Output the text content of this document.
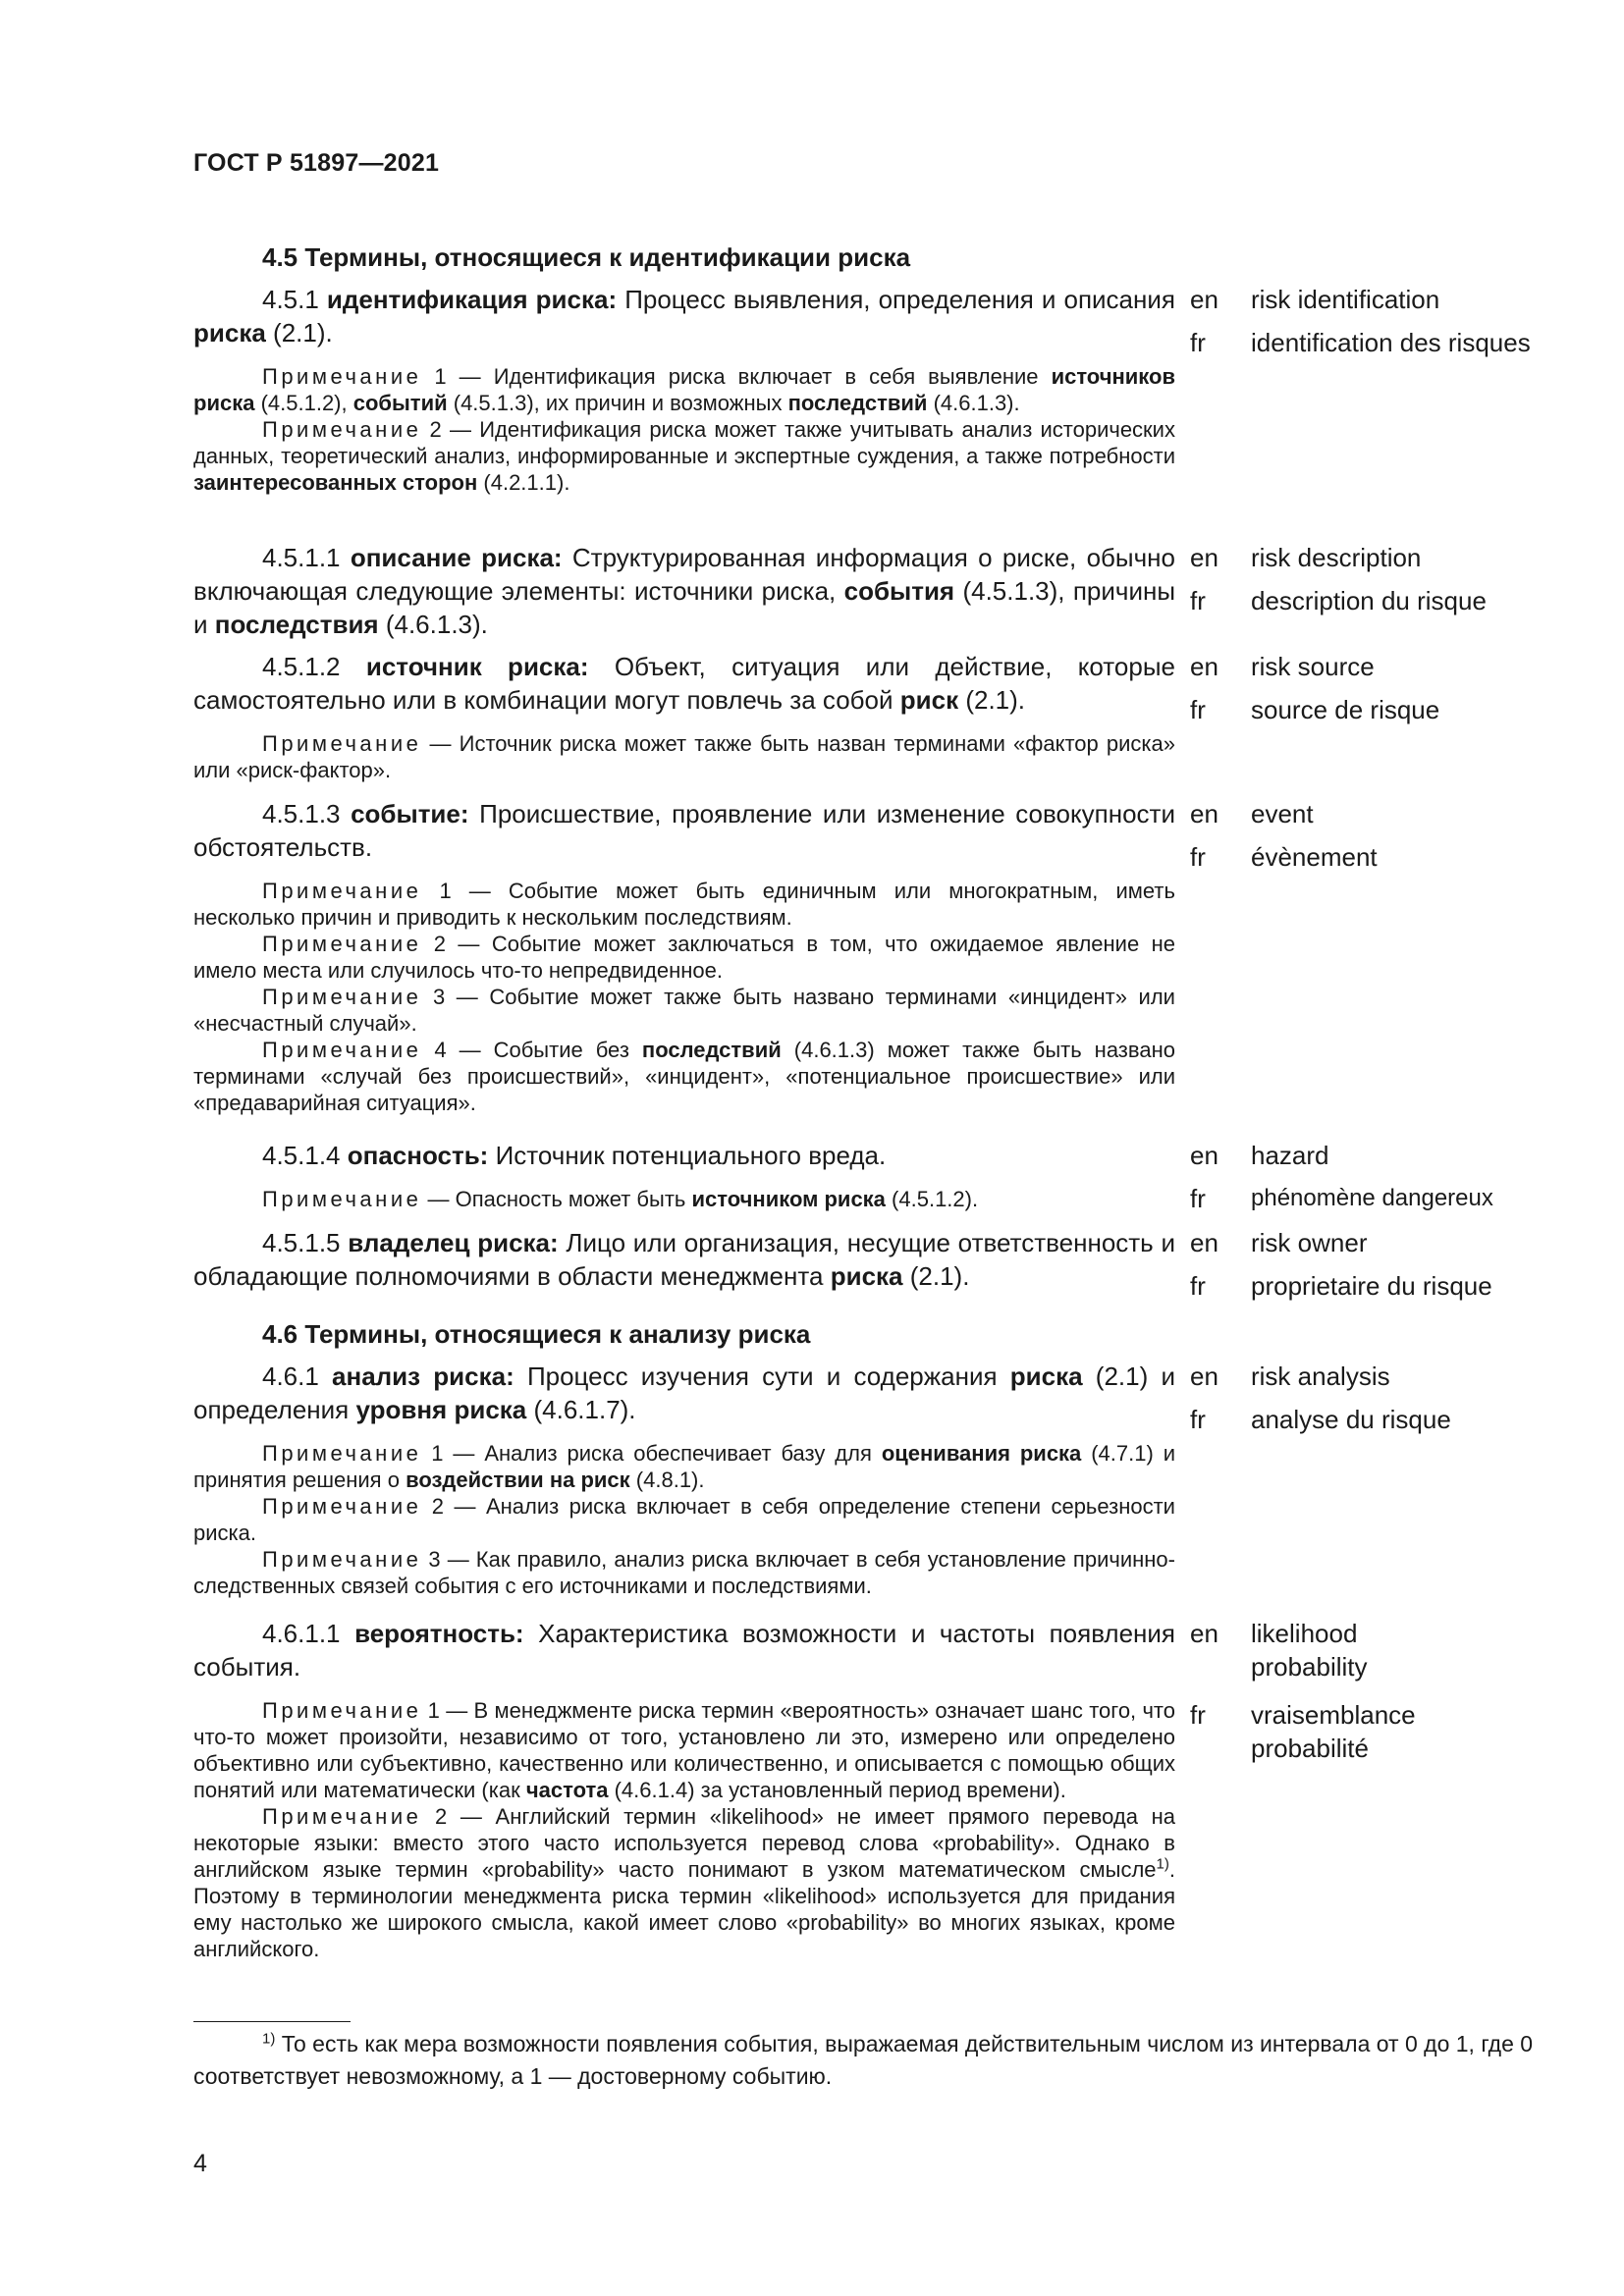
ГОСТ Р 51897—2021
4.5 Термины, относящиеся к идентификации риска

4.5.1 идентификация риска: Процесс выявления, определения и описания риска (2.1).

Примечание 1 — Идентификация риска включает в себя выявление источников риска (4.5.1.2), событий (4.5.1.3), их причин и возможных последствий (4.6.1.3).

Примечание 2 — Идентификация риска может также учитывать анализ исторических данных, теоретический анализ, информированные и экспертные суждения, а также потребности заинтересованных сторон (4.2.1.1).

en	risk identification
fr	identification des risques

4.5.1.1 описание риска: Структурированная информация о риске, обычно включающая следующие элементы: источники риска, события (4.5.1.3), причины и последствия (4.6.1.3).

en	risk description
fr	description du risque

4.5.1.2 источник риска: Объект, ситуация или действие, которые самостоятельно или в комбинации могут повлечь за собой риск (2.1).

Примечание — Источник риска может также быть назван терминами «фактор риска» или «риск-фактор».

en	risk source
fr	source de risque

4.5.1.3 событие: Происшествие, проявление или изменение совокупности обстоятельств.

Примечание 1 — Событие может быть единичным или многократным, иметь несколько причин и приводить к нескольким последствиям.

Примечание 2 — Событие может заключаться в том, что ожидаемое явление не имело места или случилось что-то непредвиденное.

Примечание 3 — Событие может также быть названо терминами «инцидент» или «несчастный случай».

Примечание 4 — Событие без последствий (4.6.1.3) может также быть названо терминами «случай без происшествий», «инцидент», «потенциальное происшествие» или «предаварийная ситуация».

en	event
fr	évènement

4.5.1.4 опасность: Источник потенциального вреда.

Примечание — Опасность может быть источником риска (4.5.1.2).

en	hazard
fr	phénomène dangereux

4.5.1.5 владелец риска: Лицо или организация, несущие ответственность и обладающие полномочиями в области менеджмента риска (2.1).

en	risk owner
fr	proprietaire du risque
4.6 Термины, относящиеся к анализу риска

4.6.1 анализ риска: Процесс изучения сути и содержания риска (2.1) и определения уровня риска (4.6.1.7).

Примечание 1 — Анализ риска обеспечивает базу для оценивания риска (4.7.1) и принятия решения о воздействии на риск (4.8.1).

Примечание 2 — Анализ риска включает в себя определение степени серьезности риска.

Примечание 3 — Как правило, анализ риска включает в себя установление причинно-следственных связей события с его источниками и последствиями.

en	risk analysis
fr	analyse du risque

4.6.1.1 вероятность: Характеристика возможности и частоты появления события.

Примечание 1 — В менеджменте риска термин «вероятность» означает шанс того, что что-то может произойти, независимо от того, установлено ли это, измерено или определено объективно или субъективно, качественно или количественно, и описывается с помощью общих понятий или математически (как частота (4.6.1.4) за установленный период времени).

Примечание 2 — Английский термин «likelihood» не имеет прямого перевода на некоторые языки: вместо этого часто используется перевод слова «probability». Однако в английском языке термин «probability» часто понимают в узком математическом смысле$^{1)}$. Поэтому в терминологии менеджмента риска термин «likelihood» используется для придания ему настолько же широкого смысла, какой имеет слово «probability» во многих языках, кроме английского.

en	likelihood
probability
fr	vraisemblance
probabilité

$^{1)}$ То есть как мера возможности появления события, выражаемая действительным числом из интервала от 0 до 1, где 0 соответствует невозможному, а 1 — достоверному событию.

4
